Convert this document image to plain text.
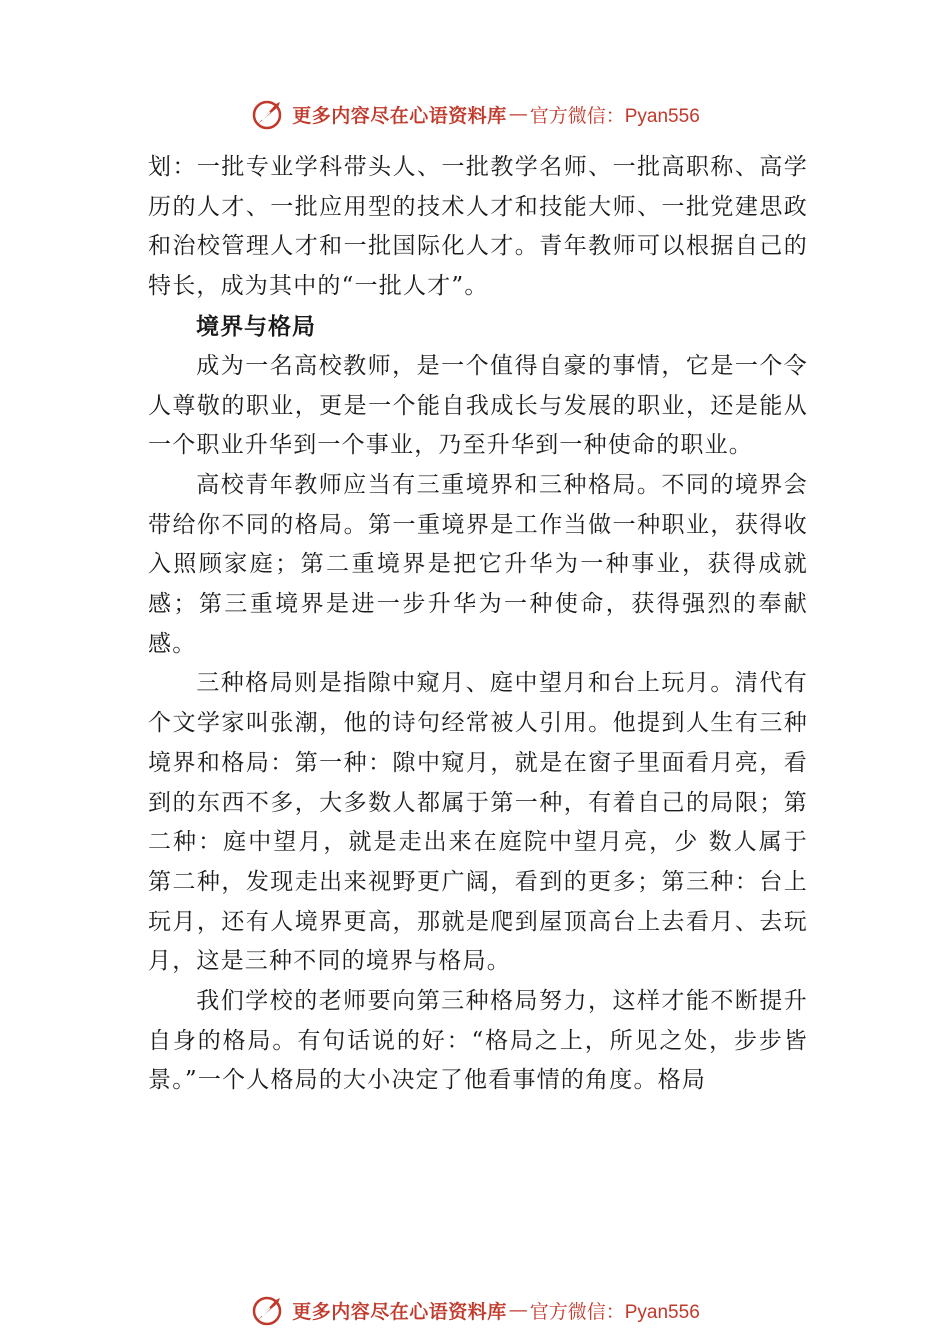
更多内容尽在心语资料库 — 官方微信：Pyan556

划：一批专业学科带头人、一批教学名师、一批高职称、高学历的人才、一批应用型的技术人才和技能大师、一批党建思政和治校管理人才和一批国际化人才。青年教师可以根据自己的特长，成为其中的“一批人才”。

境界与格局

成为一名高校教师，是一个值得自豪的事情，它是一个令人尊敬的职业，更是一个能自我成长与发展的职业，还是能从一个职业升华到一个事业，乃至升华到一种使命的职业。

高校青年教师应当有三重境界和三种格局。不同的境界会带给你不同的格局。第一重境界是工作当做一种职业，获得收入照顾家庭；第二重境界是把它升华为一种事业，获得成就感；第三重境界是进一步升华为一种使命，获得强烈的奉献感。

三种格局则是指隙中窥月、庭中望月和台上玩月。清代有个文学家叫张潮，他的诗句经常被人引用。他提到人生有三种境界和格局：第一种：隙中窥月，就是在窗子里面看月亮，看到的东西不多，大多数人都属于第一种，有着自己的局限；第二种：庭中望月，就是走出来在庭院中望月亮，少 数人属于第二种，发现走出来视野更广阔，看到的更多；第三种：台上玩月，还有人境界更高，那就是爬到屋顶高台上去看月、去玩月，这是三种不同的境界与格局。

我们学校的老师要向第三种格局努力，这样才能不断提升自身的格局。有句话说的好：“格局之上，所见之处，步步皆景。”一个人格局的大小决定了他看事情的角度。格局

更多内容尽在心语资料库 — 官方微信：Pyan556
